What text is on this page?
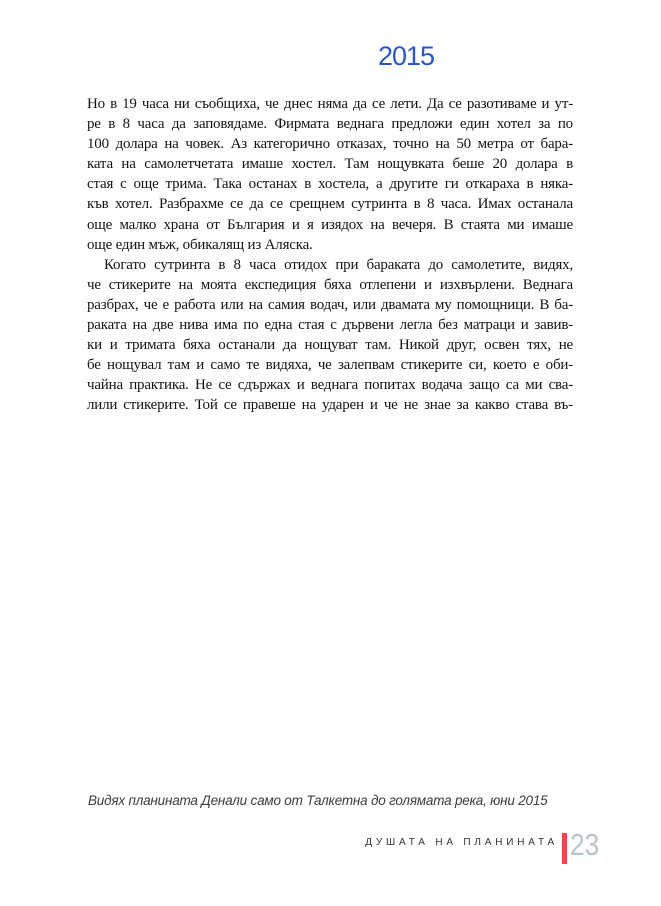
2015
Но в 19 часа ни съобщиха, че днес няма да се лети. Да се разотиваме и ут-
ре в 8 часа да заповядаме. Фирмата веднага предложи един хотел за по
100 долара на човек. Аз категорично отказах, точно на 50 метра от бара-
ката на самолетчетата имаше хостел. Там нощувката беше 20 долара в
стая с още трима. Така останах в хостела, а другите ги откараха в няка-
къв хотел. Разбрахме се да се срещнем сутринта в 8 часа. Имах останала
още малко храна от България и я изядох на вечеря. В стаята ми имаше
още един мъж, обикалящ из Аляска.
Когато сутринта в 8 часа отидох при бараката до самолетите, видях,
че стикерите на моята експедиция бяха отлепени и изхвърлени. Веднага
разбрах, че е работа или на самия водач, или двамата му помощници. В ба-
раката на две нива има по една стая с дървени легла без матраци и завив-
ки и тримата бяха останали да нощуват там. Никой друг, освен тях, не
бе нощувал там и само те видяха, че залепвам стикерите си, което е оби-
чайна практика. Не се сдържах и веднага попитах водача защо са ми сва-
лили стикерите. Той се правеше на ударен и че не знае за какво става въ-
Видях планината Денали само от Талкетна до голямата река, юни 2015
ДУШАТА НА ПЛАНИНАТА 23
